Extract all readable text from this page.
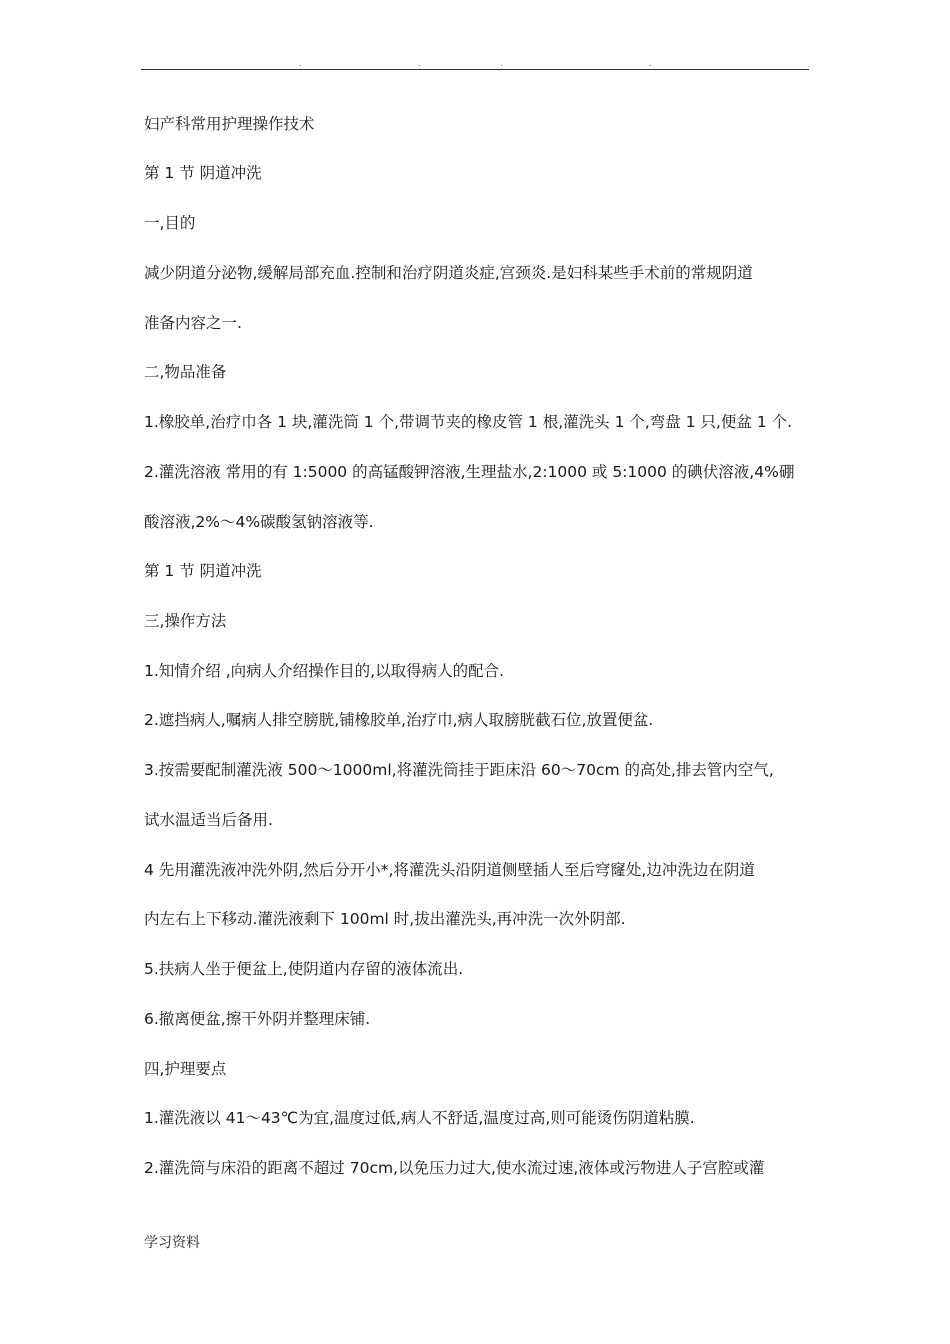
.	.	.	.

妇产科常用护理操作技术

第 1 节 阴道冲洗

一,目的

减少阴道分泌物,缓解局部充血.控制和治疗阴道炎症,宫颈炎.是妇科某些手术前的常规阴道

准备内容之一.

二,物品准备

1.橡胶单,治疗巾各 1 块,灌洗筒 1 个,带调节夹的橡皮管 1 根,灌洗头 1 个,弯盘 1 只,便盆 1 个.

2.灌洗溶液 常用的有 1:5000 的高锰酸钾溶液,生理盐水,2:1000 或 5:1000 的碘伏溶液,4%硼

酸溶液,2%～4%碳酸氢钠溶液等.

第 1 节 阴道冲洗

三,操作方法

1.知情介绍 ,向病人介绍操作目的,以取得病人的配合.

2.遮挡病人,嘱病人排空膀胱,铺橡胶单,治疗巾,病人取膀胱截石位,放置便盆.

3.按需要配制灌洗液 500～1000ml,将灌洗筒挂于距床沿 60～70cm 的高处,排去管内空气,

试水温适当后备用.

4 先用灌洗液冲洗外阴,然后分开小*,将灌洗头沿阴道侧壁插人至后穹窿处,边冲洗边在阴道

内左右上下移动.灌洗液剩下 100ml 时,拔出灌洗头,再冲洗一次外阴部.

5.扶病人坐于便盆上,使阴道内存留的液体流出.

6.撤离便盆,擦干外阴并整理床铺.

四,护理要点

1.灌洗液以 41～43℃为宜,温度过低,病人不舒适,温度过高,则可能烫伤阴道粘膜.

2.灌洗筒与床沿的距离不超过 70cm,以免压力过大,使水流过速,液体或污物进人子宫腔或灌

学习资料
